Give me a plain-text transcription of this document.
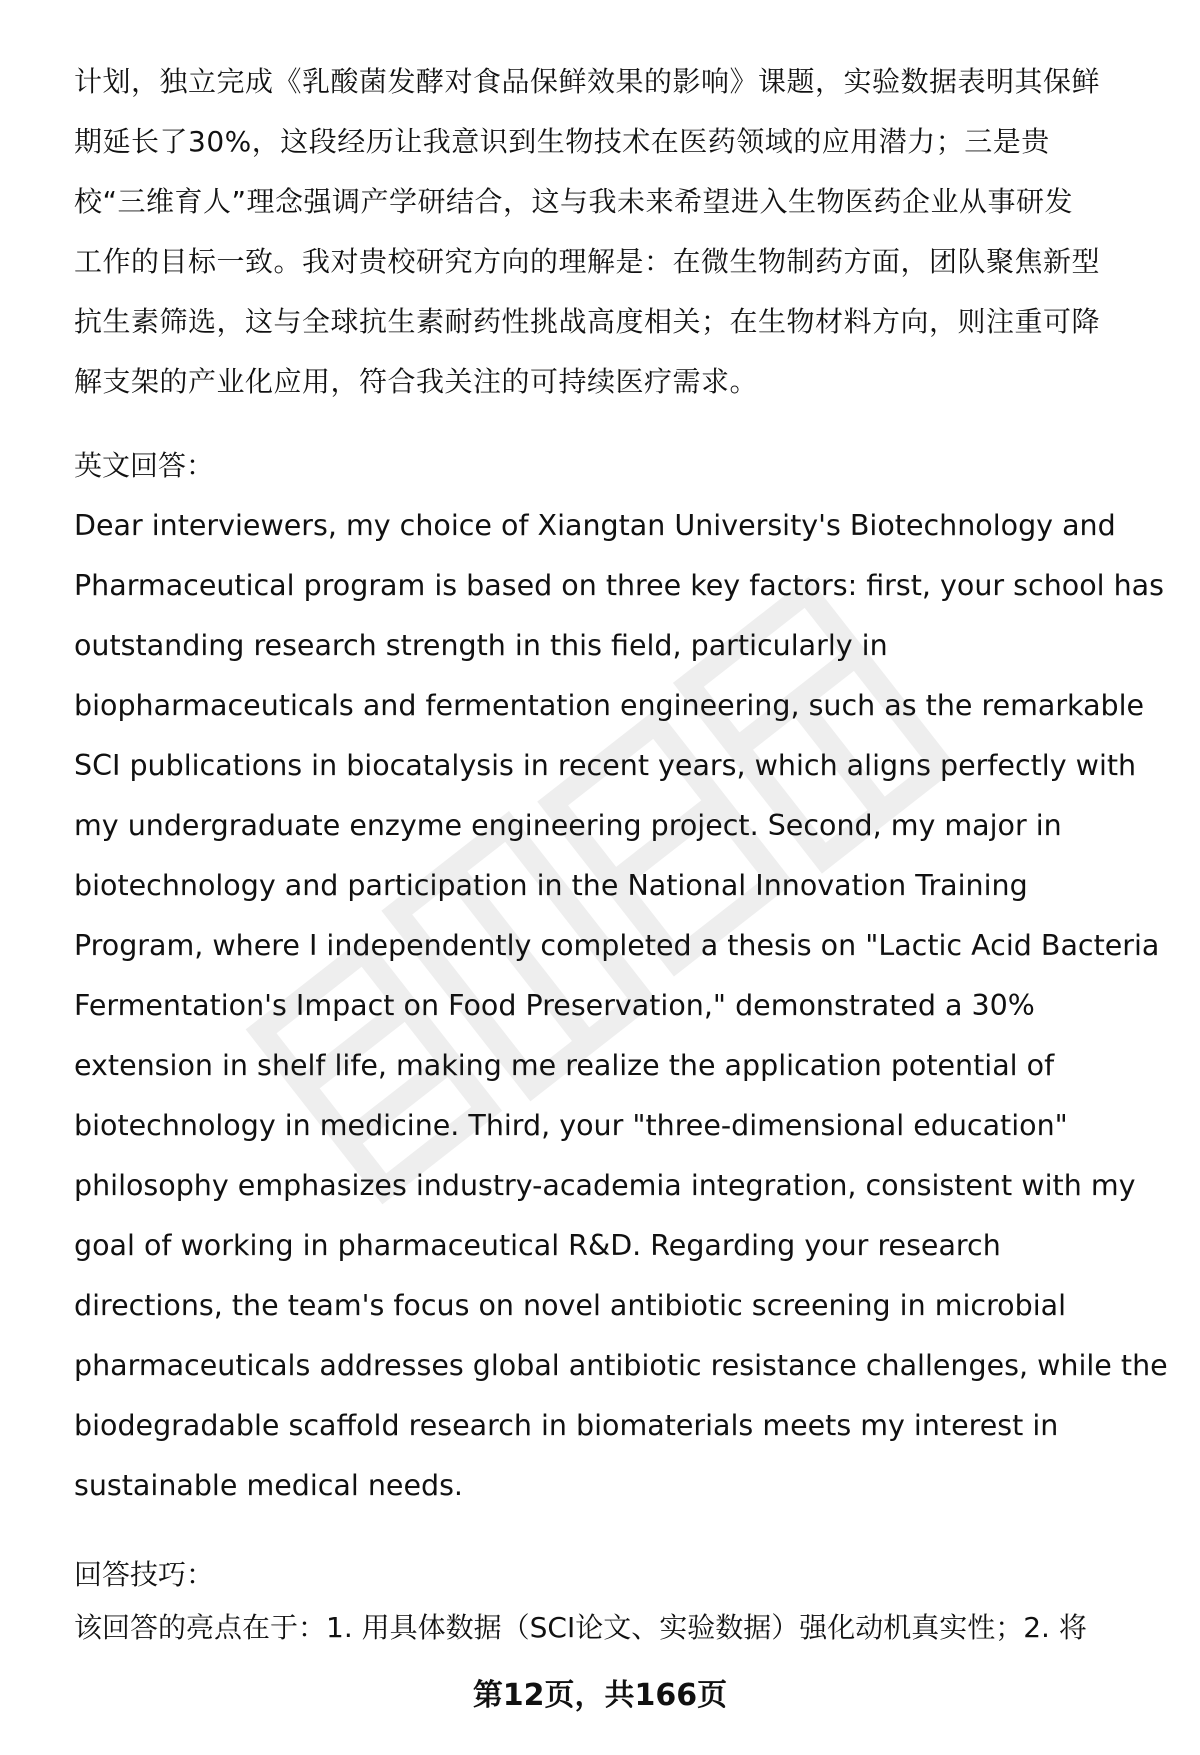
计划，独立完成《乳酸菌发酵对食品保鲜效果的影响》课题，实验数据表明其保鲜
期延长了30%，这段经历让我意识到生物技术在医药领域的应用潜力；三是贵
校“三维育人”理念强调产学研结合，这与我未来希望进入生物医药企业从事研发
工作的目标一致。我对贵校研究方向的理解是：在微生物制药方面，团队聚焦新型
抗生素筛选，这与全球抗生素耐药性挑战高度相关；在生物材料方向，则注重可降
解支架的产业化应用，符合我关注的可持续医疗需求。
英文回答：
Dear interviewers, my choice of Xiangtan University's Biotechnology and
Pharmaceutical program is based on three key factors: first, your school has
outstanding research strength in this field, particularly in
biopharmaceuticals and fermentation engineering, such as the remarkable
SCI publications in biocatalysis in recent years, which aligns perfectly with
my undergraduate enzyme engineering project. Second, my major in
biotechnology and participation in the National Innovation Training
Program, where I independently completed a thesis on "Lactic Acid Bacteria
Fermentation's Impact on Food Preservation," demonstrated a 30%
extension in shelf life, making me realize the application potential of
biotechnology in medicine. Third, your "three-dimensional education"
philosophy emphasizes industry-academia integration, consistent with my
goal of working in pharmaceutical R&D. Regarding your research
directions, the team's focus on novel antibiotic screening in microbial
pharmaceuticals addresses global antibiotic resistance challenges, while the
biodegradable scaffold research in biomaterials meets my interest in
sustainable medical needs.
回答技巧：
该回答的亮点在于：1. 用具体数据（SCI论文、实验数据）强化动机真实性；2. 将
第12页，共166页
